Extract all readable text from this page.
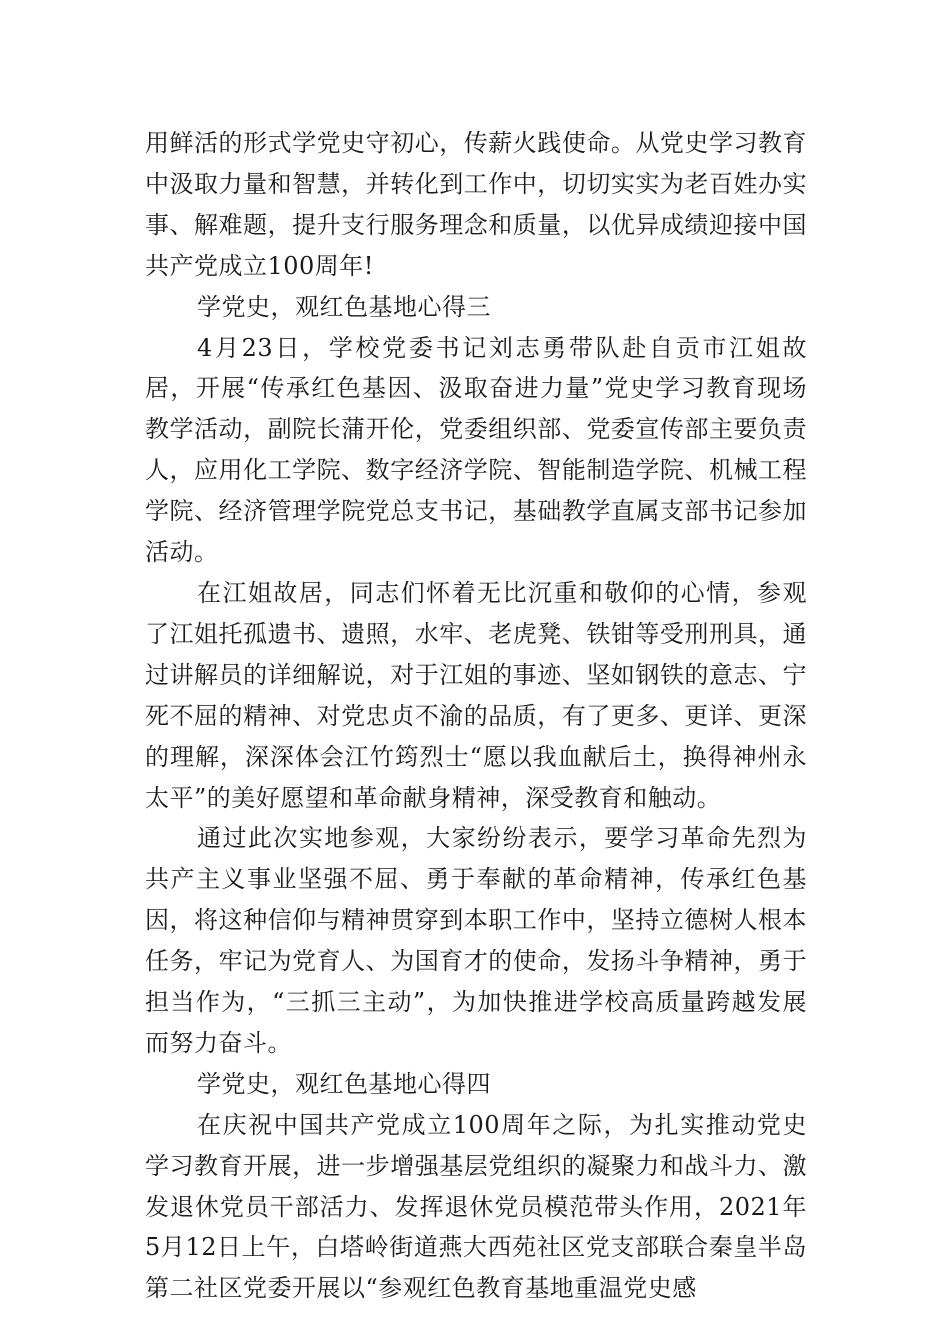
用鲜活的形式学党史守初心，传薪火践使命。从党史学习教育中汲取力量和智慧，并转化到工作中，切切实实为老百姓办实事、解难题，提升支行服务理念和质量，以优异成绩迎接中国共产党成立100周年!

学党史，观红色基地心得三

4月23日，学校党委书记刘志勇带队赴自贡市江姐故居，开展“传承红色基因、汲取奋进力量”党史学习教育现场教学活动，副院长蒲开伦，党委组织部、党委宣传部主要负责人，应用化工学院、数字经济学院、智能制造学院、机械工程学院、经济管理学院党总支书记，基础教学直属支部书记参加活动。

在江姐故居，同志们怀着无比沉重和敬仰的心情，参观了江姐托孤遗书、遗照，水牢、老虎凳、铁钳等受刑刑具，通过讲解员的详细解说，对于江姐的事迹、坚如钢铁的意志、宁死不屈的精神、对党忠贞不渝的品质，有了更多、更详、更深的理解，深深体会江竹筠烈士“愿以我血献后土，换得神州永太平”的美好愿望和革命献身精神，深受教育和触动。

通过此次实地参观，大家纷纷表示，要学习革命先烈为共产主义事业坚强不屈、勇于奉献的革命精神，传承红色基因，将这种信仰与精神贯穿到本职工作中，坚持立德树人根本任务，牢记为党育人、为国育才的使命，发扬斗争精神，勇于担当作为，“三抓三主动”，为加快推进学校高质量跨越发展而努力奋斗。

学党史，观红色基地心得四

在庆祝中国共产党成立100周年之际，为扎实推动党史学习教育开展，进一步增强基层党组织的凝聚力和战斗力、激发退休党员干部活力、发挥退休党员模范带头作用，2021年5月12日上午，白塔岭街道燕大西苑社区党支部联合秦皇半岛第二社区党委开展以“参观红色教育基地重温党史感
